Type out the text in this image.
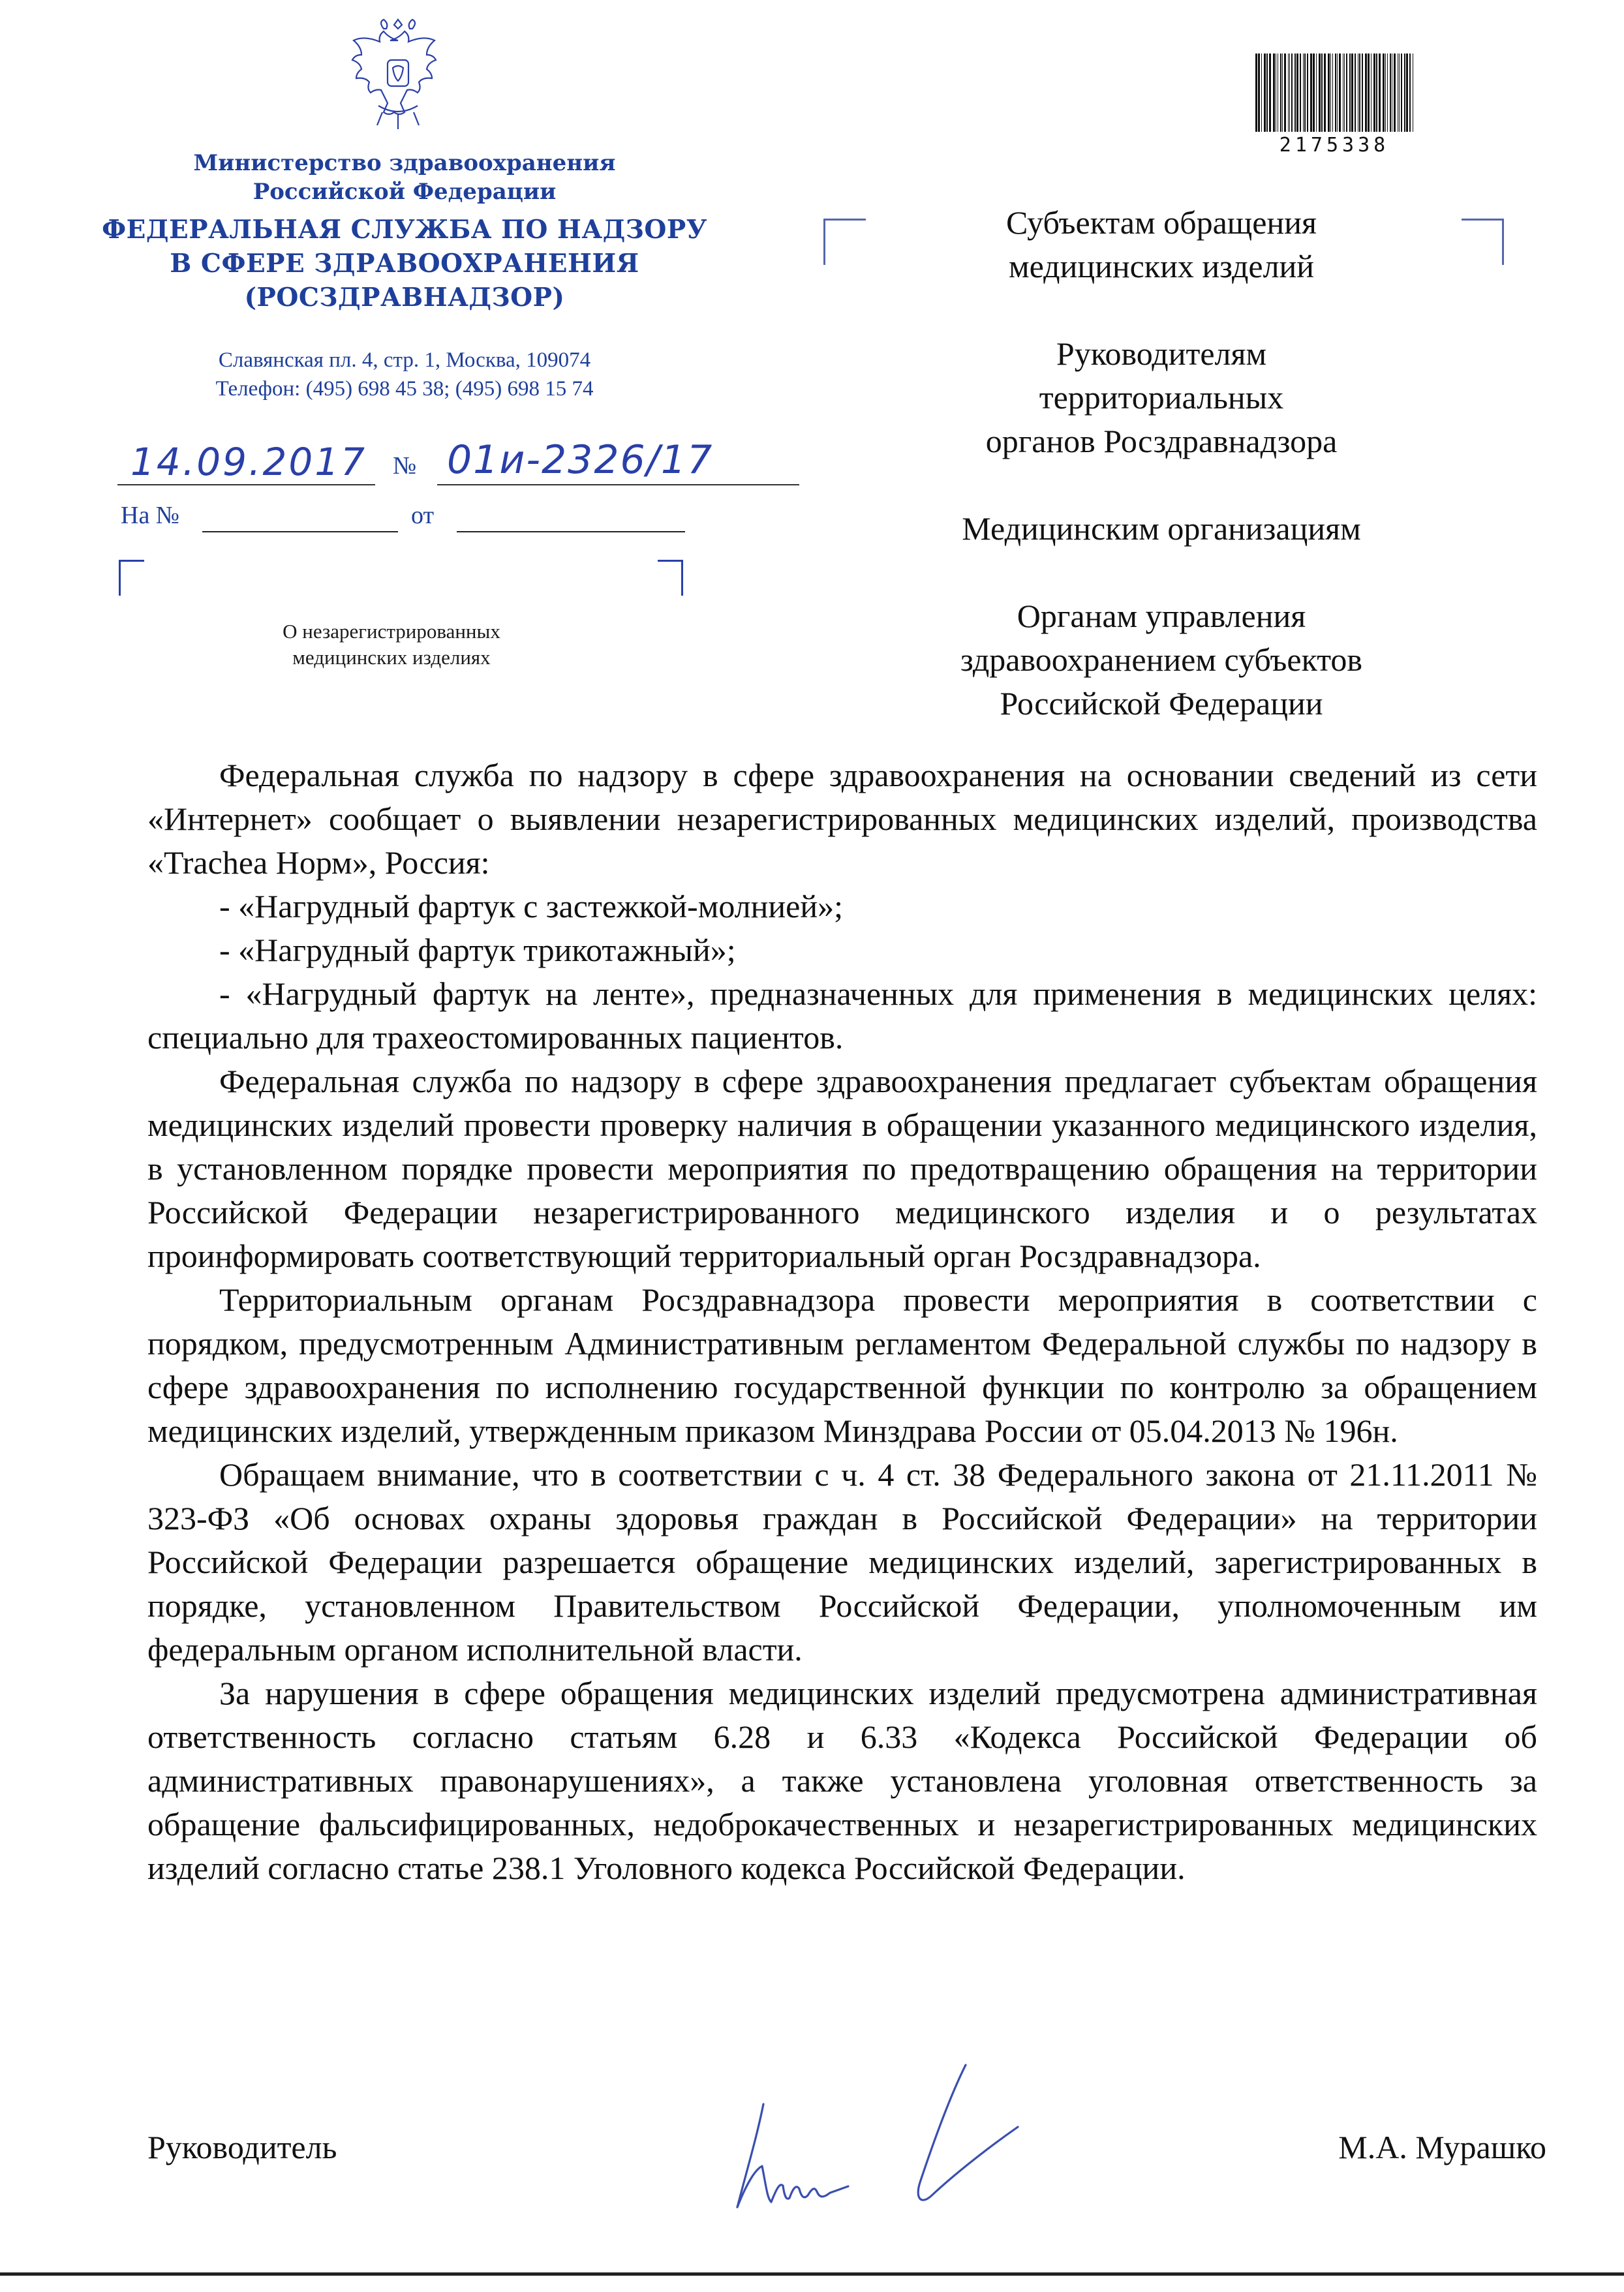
Министерство здравоохранения
Российской Федерации
ФЕДЕРАЛЬНАЯ СЛУЖБА ПО НАДЗОРУ
В СФЕРЕ ЗДРАВООХРАНЕНИЯ
(РОСЗДРАВНАДЗОР)
Славянская пл. 4, стр. 1, Москва, 109074
Телефон: (495) 698 45 38; (495) 698 15 74
14.09.2017	№ 01и-2326/17
На №	от
О незарегистрированных
медицинских изделиях
2175338
Субъектам обращения
медицинских изделий
Руководителям
территориальных
органов Росздравнадзора
Медицинским организациям
Органам управления
здравоохранением субъектов
Российской Федерации

Федеральная служба по надзору в сфере здравоохранения на основании сведений из сети «Интернет» сообщает о выявлении незарегистрированных медицинских изделий, производства «Trachea Норм», Россия:

- «Нагрудный фартук с застежкой-молнией»;

- «Нагрудный фартук трикотажный»;

- «Нагрудный фартук на ленте», предназначенных для применения в медицинских целях: специально для трахеостомированных пациентов.

Федеральная служба по надзору в сфере здравоохранения предлагает субъектам обращения медицинских изделий провести проверку наличия в обращении указанного медицинского изделия, в установленном порядке провести мероприятия по предотвращению обращения на территории Российской Федерации незарегистрированного медицинского изделия и о результатах проинформировать соответствующий территориальный орган Росздравнадзора.

Территориальным органам Росздравнадзора провести мероприятия в соответствии с порядком, предусмотренным Административным регламентом Федеральной службы по надзору в сфере здравоохранения по исполнению государственной функции по контролю за обращением медицинских изделий, утвержденным приказом Минздрава России от 05.04.2013 № 196н.

Обращаем внимание, что в соответствии с ч. 4 ст. 38 Федерального закона от 21.11.2011 № 323-ФЗ «Об основах охраны здоровья граждан в Российской Федерации» на территории Российской Федерации разрешается обращение медицинских изделий, зарегистрированных в порядке, установленном Правительством Российской Федерации, уполномоченным им федеральным органом исполнительной власти.

За нарушения в сфере обращения медицинских изделий предусмотрена административная ответственность согласно статьям 6.28 и 6.33 «Кодекса Российской Федерации об административных правонарушениях», а также установлена уголовная ответственность за обращение фальсифицированных, недоброкачественных и незарегистрированных медицинских изделий согласно статье 238.1 Уголовного кодекса Российской Федерации.

Руководитель	М.А. Мурашко
